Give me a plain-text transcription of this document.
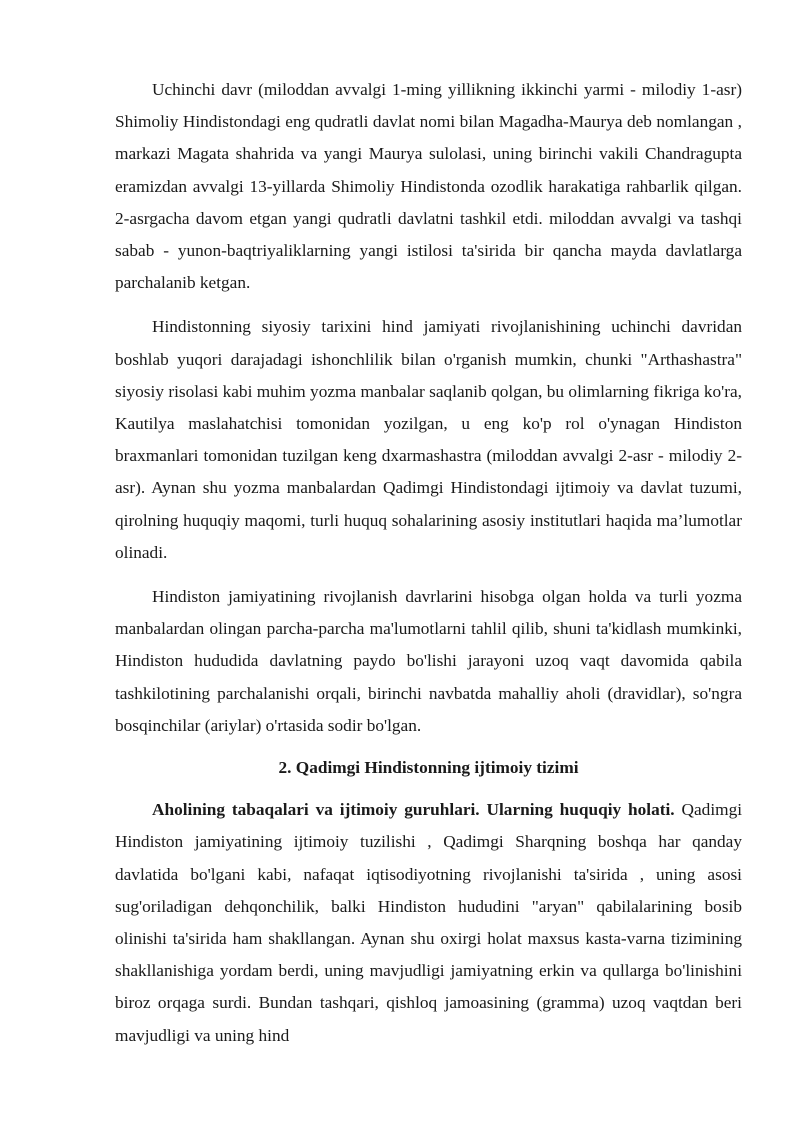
Uchinchi davr (miloddan avvalgi 1-ming yillikning ikkinchi yarmi - milodiy 1-asr) Shimoliy Hindistondagi eng qudratli davlat nomi bilan Magadha-Maurya deb nomlangan , markazi Magata shahrida va yangi Maurya sulolasi, uning birinchi vakili Chandragupta eramizdan avvalgi 13-yillarda Shimoliy Hindistonda ozodlik harakatiga rahbarlik qilgan. 2-asrgacha davom etgan yangi qudratli davlatni tashkil etdi. miloddan avvalgi va tashqi sabab - yunon-baqtriyaliklarning yangi istilosi ta'sirida bir qancha mayda davlatlarga parchalanib ketgan.

Hindistonning siyosiy tarixini hind jamiyati rivojlanishining uchinchi davridan boshlab yuqori darajadagi ishonchlilik bilan o'rganish mumkin, chunki "Arthashastra" siyosiy risolasi kabi muhim yozma manbalar saqlanib qolgan, bu olimlarning fikriga ko'ra, Kautilya maslahatchisi tomonidan yozilgan, u eng ko'p rol o'ynagan Hindiston braxmanlari tomonidan tuzilgan keng dxarmashastra (miloddan avvalgi 2-asr - milodiy 2-asr). Aynan shu yozma manbalardan Qadimgi Hindistondagi ijtimoiy va davlat tuzumi, qirolning huquqiy maqomi, turli huquq sohalarining asosiy institutlari haqida ma’lumotlar olinadi.

Hindiston jamiyatining rivojlanish davrlarini hisobga olgan holda va turli yozma manbalardan olingan parcha-parcha ma'lumotlarni tahlil qilib, shuni ta'kidlash mumkinki, Hindiston hududida davlatning paydo bo'lishi jarayoni uzoq vaqt davomida qabila tashkilotining parchalanishi orqali, birinchi navbatda mahalliy aholi (dravidlar), so'ngra bosqinchilar (ariylar) o'rtasida sodir bo'lgan.

2. Qadimgi Hindistonning ijtimoiy tizimi

Aholining tabaqalari va ijtimoiy guruhlari. Ularning huquqiy holati. Qadimgi Hindiston jamiyatining ijtimoiy tuzilishi , Qadimgi Sharqning boshqa har qanday davlatida bo'lgani kabi, nafaqat iqtisodiyotning rivojlanishi ta'sirida , uning asosi sug'oriladigan dehqonchilik, balki Hindiston hududini "aryan" qabilalarining bosib olinishi ta'sirida ham shakllangan. Aynan shu oxirgi holat maxsus kasta-varna tizimining shakllanishiga yordam berdi, uning mavjudligi jamiyatning erkin va qullarga bo'linishini biroz orqaga surdi. Bundan tashqari, qishloq jamoasining (gramma) uzoq vaqtdan beri mavjudligi va uning hind
